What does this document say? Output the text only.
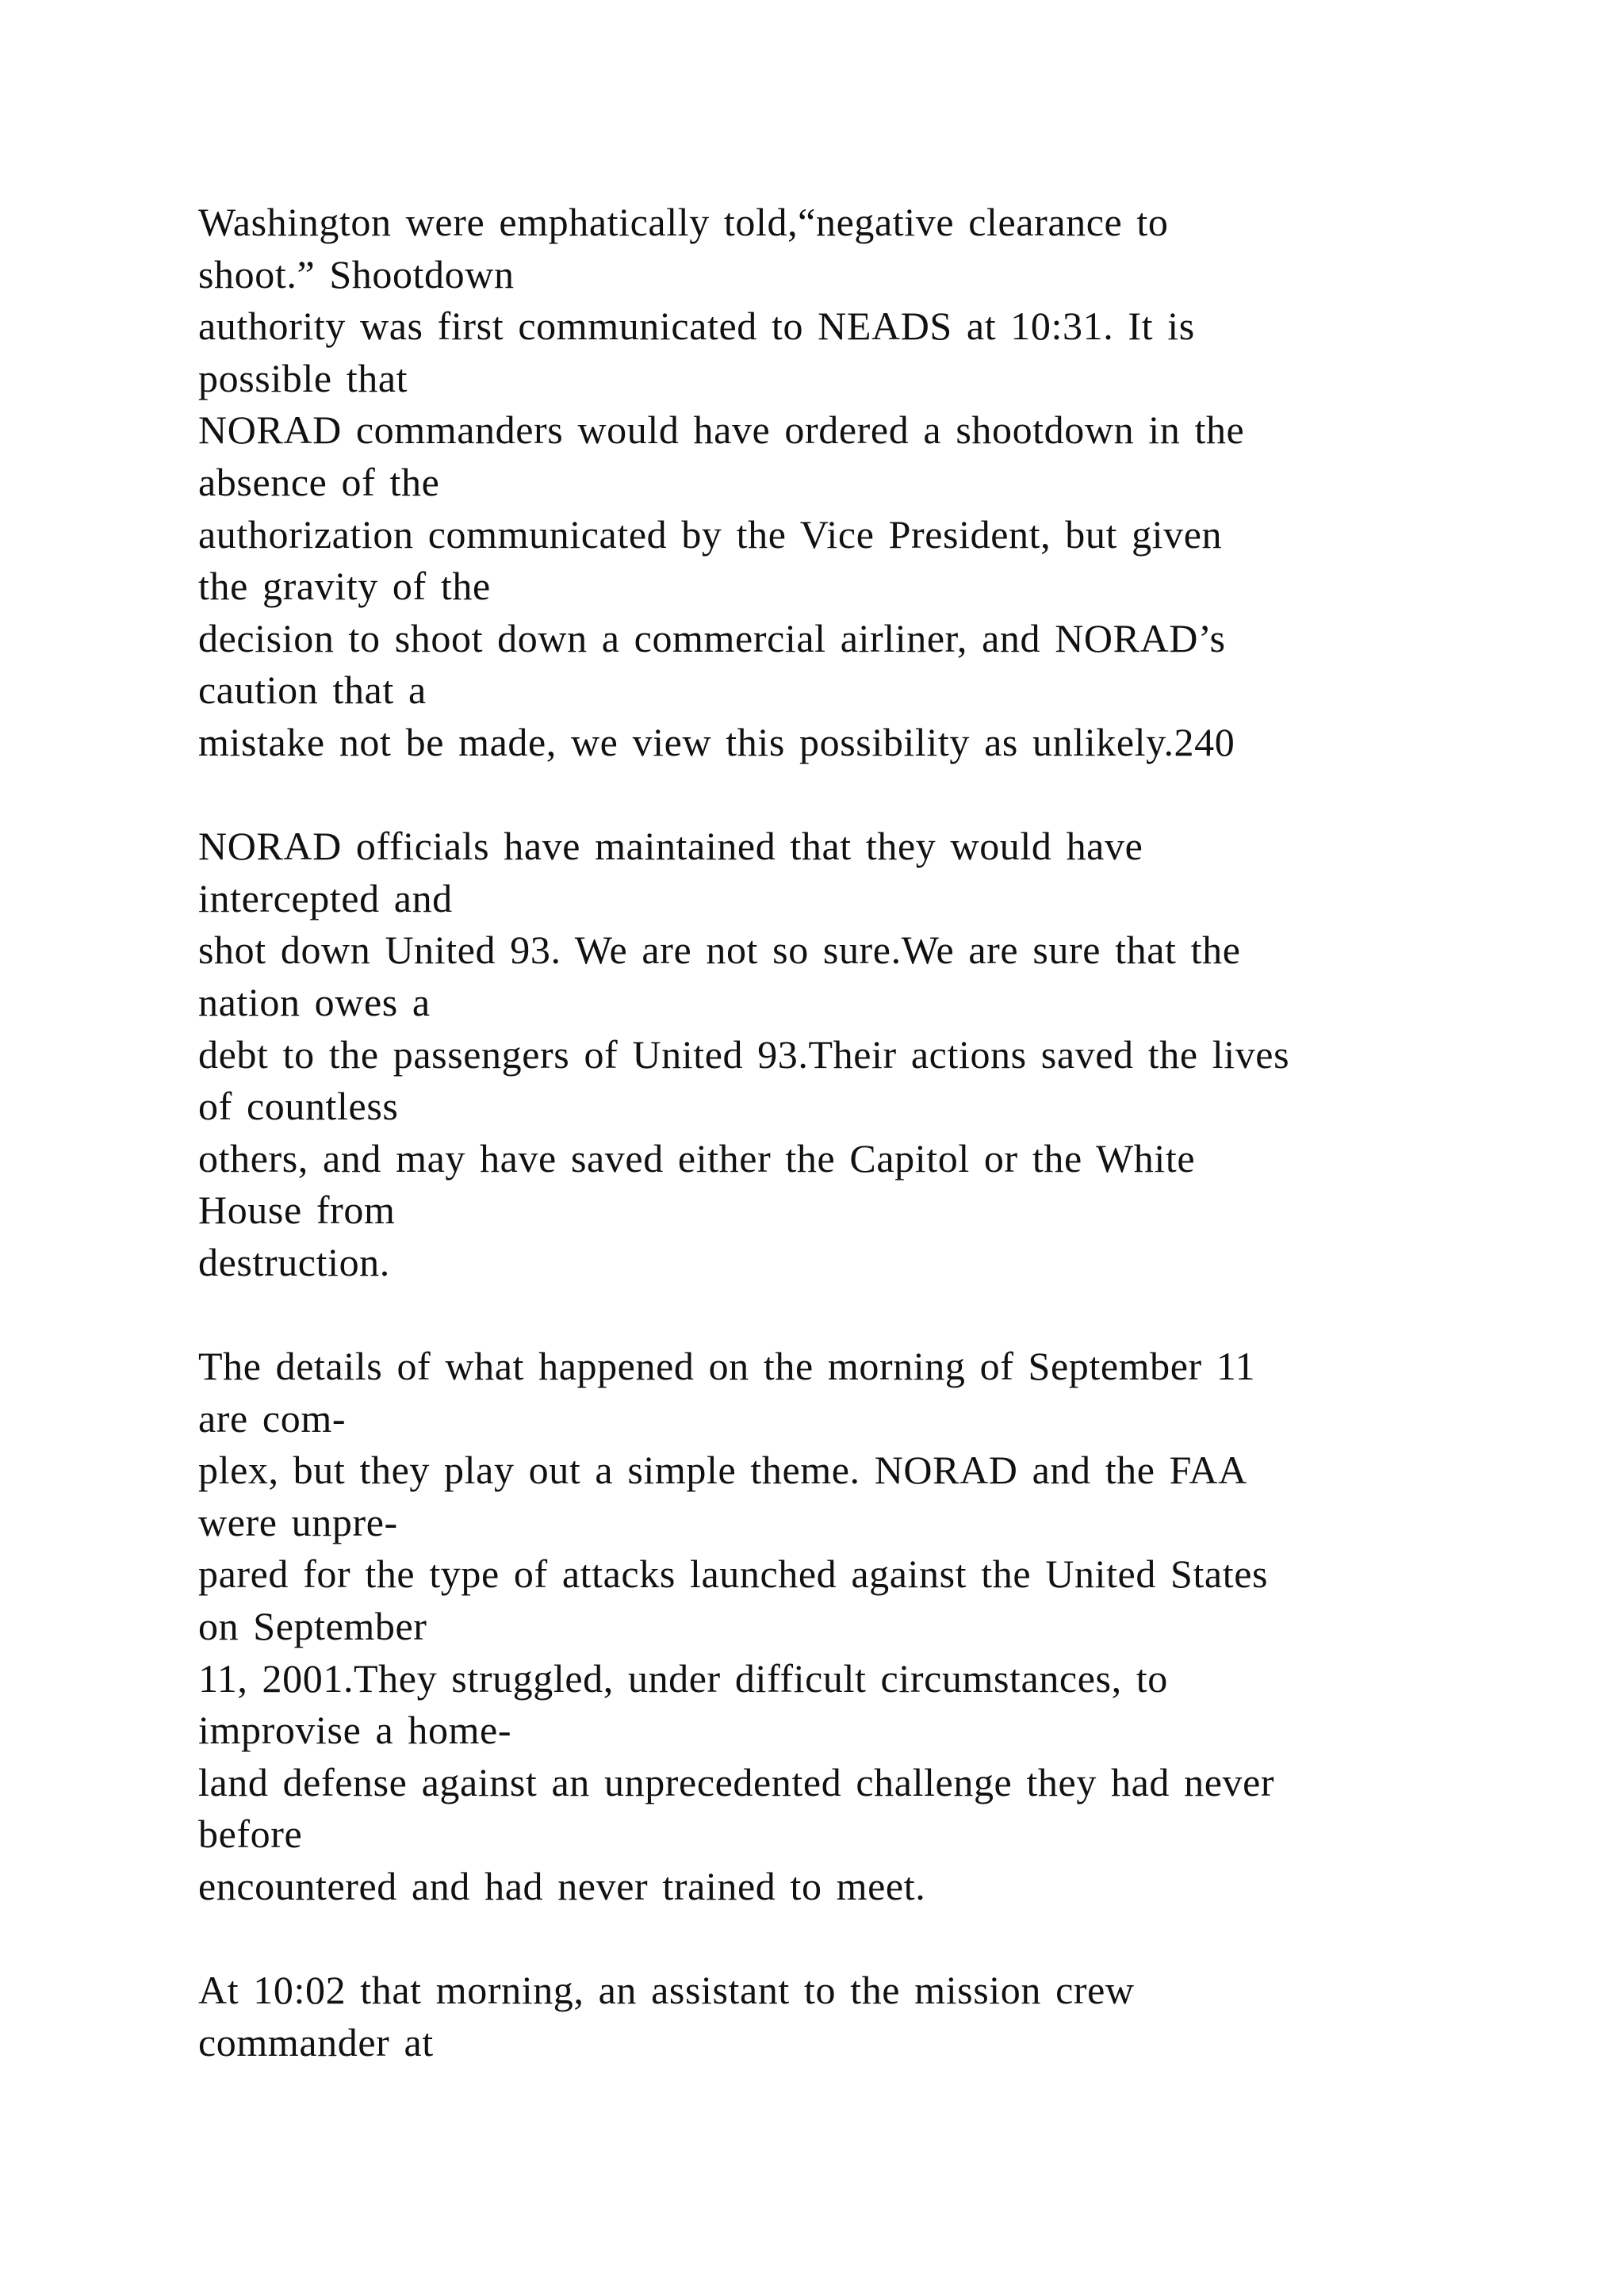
Washington were emphatically told,“negative clearance to
shoot.” Shootdown
authority was first communicated to NEADS at 10:31. It is
possible that
NORAD commanders would have ordered a shootdown in the
absence of the
authorization communicated by the Vice President, but given
the gravity of the
decision to shoot down a commercial airliner, and NORAD’s
caution that a
mistake not be made, we view this possibility as unlikely.240
NORAD officials have maintained that they would have
intercepted and
shot down United 93. We are not so sure.We are sure that the
nation owes a
debt to the passengers of United 93.Their actions saved the lives
of countless
others, and may have saved either the Capitol or the White
House from
destruction.
The details of what happened on the morning of September 11
are com-
plex, but they play out a simple theme. NORAD and the FAA
were unpre-
pared for the type of attacks launched against the United States
on September
11, 2001.They struggled, under difficult circumstances, to
improvise a home-
land defense against an unprecedented challenge they had never
before
encountered and had never trained to meet.
At 10:02 that morning, an assistant to the mission crew
commander at
